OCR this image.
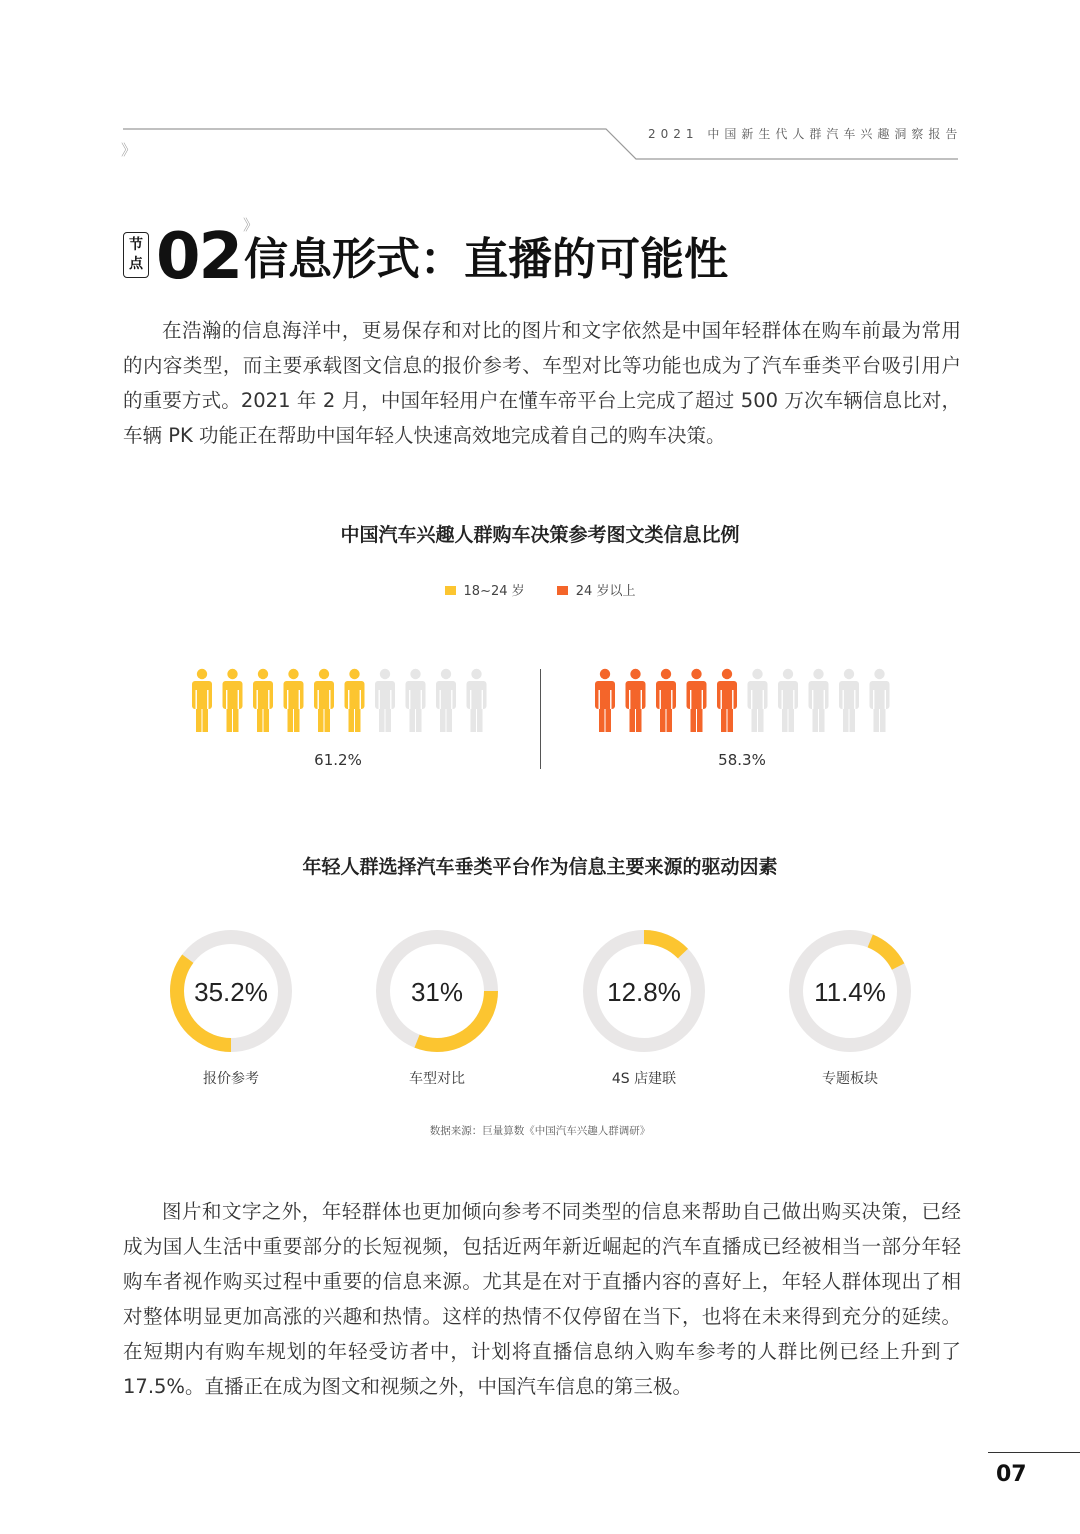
2021 中国新生代人群汽车兴趣洞察报告
》
节点 02 》
信息形式：直播的可能性

在浩瀚的信息海洋中，更易保存和对比的图片和文字依然是中国年轻群体在购车前最为常用的内容类型，而主要承载图文信息的报价参考、车型对比等功能也成为了汽车垂类平台吸引用户的重要方式。2021 年 2 月，中国年轻用户在懂车帝平台上完成了超过 500 万次车辆信息比对，车辆 PK 功能正在帮助中国年轻人快速高效地完成着自己的购车决策。

中国汽车兴趣人群购车决策参考图文类信息比例
18~24 岁	24 岁以上
61.2%	58.3%
年轻人群选择汽车垂类平台作为信息主要来源的驱动因素
35.2%	31%	12.8%	11.4%
报价参考	车型对比	4S 店建联	专题板块
数据来源：巨量算数《中国汽车兴趣人群调研》

图片和文字之外，年轻群体也更加倾向参考不同类型的信息来帮助自己做出购买决策，已经成为国人生活中重要部分的长短视频，包括近两年新近崛起的汽车直播成已经被相当一部分年轻购车者视作购买过程中重要的信息来源。尤其是在对于直播内容的喜好上，年轻人群体现出了相对整体明显更加高涨的兴趣和热情。这样的热情不仅停留在当下，也将在未来得到充分的延续。在短期内有购车规划的年轻受访者中，计划将直播信息纳入购车参考的人群比例已经上升到了 17.5%。直播正在成为图文和视频之外，中国汽车信息的第三极。

07
